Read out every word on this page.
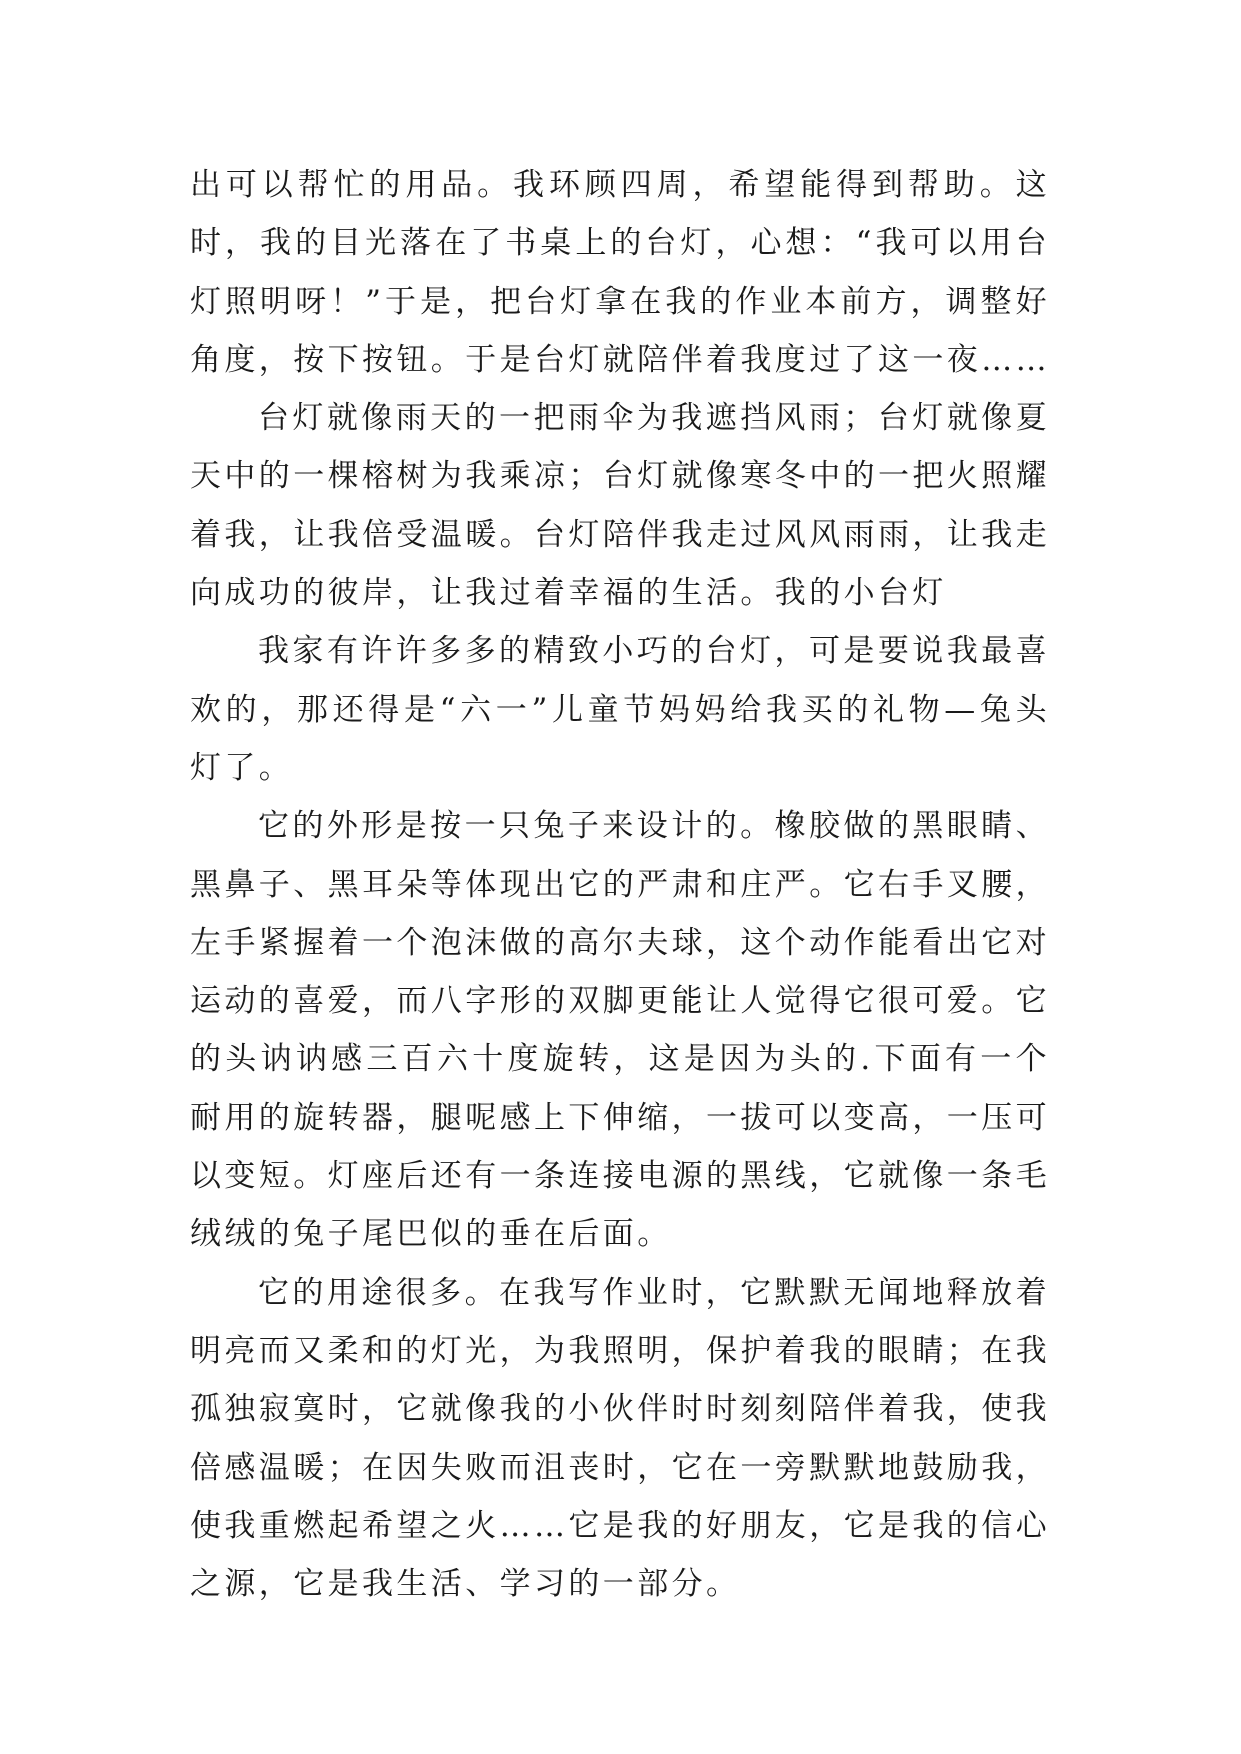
出可以帮忙的用品。我环顾四周，希望能得到帮助。这时，我的目光落在了书桌上的台灯，心想：“我可以用台灯照明呀！”于是，把台灯拿在我的作业本前方，调整好角度，按下按钮。于是台灯就陪伴着我度过了这一夜……

台灯就像雨天的一把雨伞为我遮挡风雨；台灯就像夏天中的一棵榕树为我乘凉；台灯就像寒冬中的一把火照耀着我，让我倍受温暖。台灯陪伴我走过风风雨雨，让我走向成功的彼岸，让我过着幸福的生活。我的小台灯

我家有许许多多的精致小巧的台灯，可是要说我最喜欢的，那还得是“六一”儿童节妈妈给我买的礼物—兔头灯了。

它的外形是按一只兔子来设计的。橡胶做的黑眼睛、黑鼻子、黑耳朵等体现出它的严肃和庄严。它右手叉腰，左手紧握着一个泡沫做的高尔夫球，这个动作能看出它对运动的喜爱，而八字形的双脚更能让人觉得它很可爱。它的头讷讷感三百六十度旋转，这是因为头的.下面有一个耐用的旋转器，腿呢感上下伸缩，一拔可以变高，一压可以变短。灯座后还有一条连接电源的黑线，它就像一条毛绒绒的兔子尾巴似的垂在后面。

它的用途很多。在我写作业时，它默默无闻地释放着明亮而又柔和的灯光，为我照明，保护着我的眼睛；在我孤独寂寞时，它就像我的小伙伴时时刻刻陪伴着我，使我倍感温暖；在因失败而沮丧时，它在一旁默默地鼓励我，使我重燃起希望之火……它是我的好朋友，它是我的信心之源，它是我生活、学习的一部分。
